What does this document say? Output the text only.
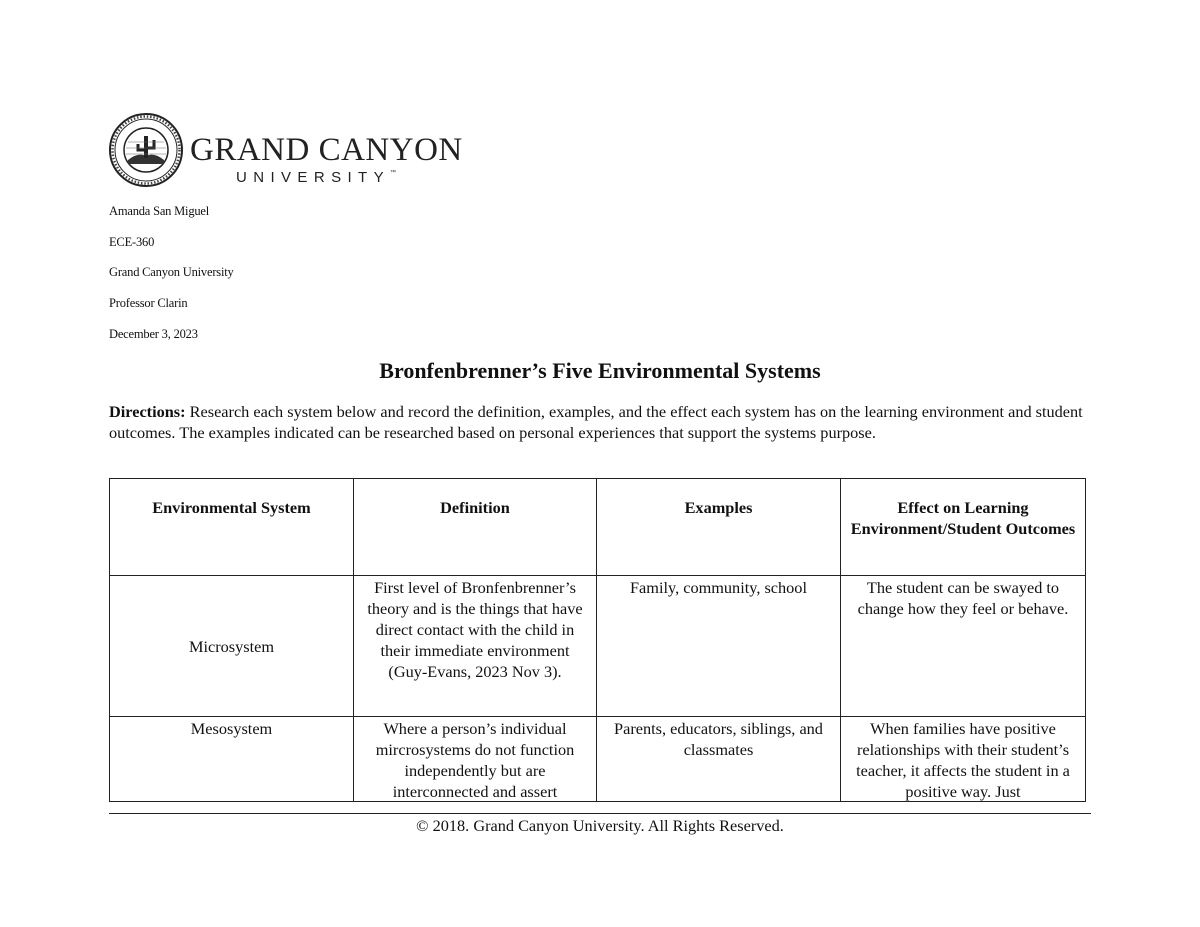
GRAND CANYON
UNIVERSITY™
Amanda San Miguel
ECE-360
Grand Canyon University
Professor Clarin
December 3, 2023
Bronfenbrenner’s Five Environmental Systems
Directions: Research each system below and record the definition, examples, and the effect each system has on the learning environment and student outcomes. The examples indicated can be researched based on personal experiences that support the systems purpose.
Environmental System	Definition	Examples	Effect on Learning Environment/Student Outcomes
Microsystem	First level of Bronfenbrenner’s theory and is the things that have direct contact with the child in their immediate environment (Guy-Evans, 2023 Nov 3).	Family, community, school	The student can be swayed to change how they feel or behave.

Mesosystem	Where a person’s individual mircrosystems do not function independently but are interconnected and assert	Parents, educators, siblings, and classmates	When families have positive relationships with their student’s teacher, it affects the student in a positive way. Just
© 2018. Grand Canyon University. All Rights Reserved.
